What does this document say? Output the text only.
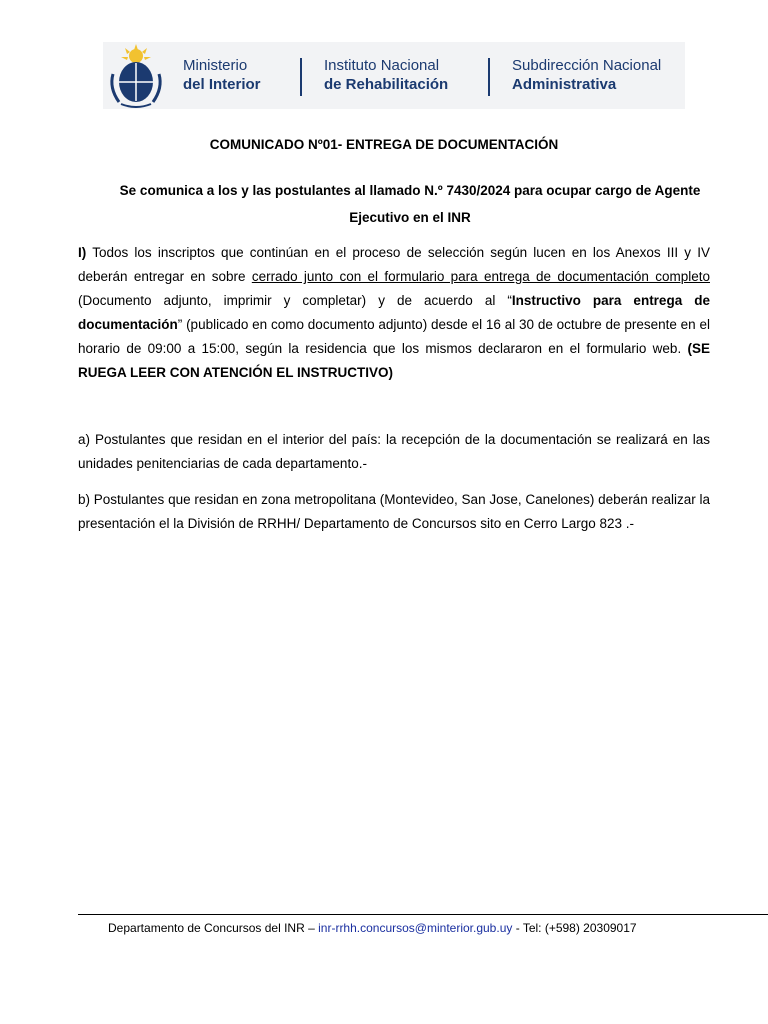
Ministerio
del Interior
Instituto Nacional
de Rehabilitación
Subdirección Nacional
Administrativa
COMUNICADO Nº01- ENTREGA DE DOCUMENTACIÓN
Se comunica a los y las postulantes al llamado N.º 7430/2024 para ocupar cargo de Agente Ejecutivo en el INR
I) Todos los inscriptos que continúan en el proceso de selección según lucen en los Anexos III y IV deberán entregar en sobre cerrado junto con el formulario para entrega de documentación completo (Documento adjunto, imprimir y completar) y de acuerdo al “Instructivo para entrega de documentación” (publicado en como documento adjunto) desde el 16 al 30 de octubre de presente en el horario de 09:00 a 15:00, según la residencia que los mismos declararon en el formulario web. (SE RUEGA LEER CON ATENCIÓN EL INSTRUCTIVO)
a) Postulantes que residan en el interior del país: la recepción de la documentación se realizará en las unidades penitenciarias de cada departamento.-
b) Postulantes que residan en zona metropolitana (Montevideo, San Jose, Canelones) deberán realizar la presentación el la División de RRHH/ Departamento de Concursos sito en Cerro Largo 823 .-
Departamento de Concursos del INR – inr-rrhh.concursos@minterior.gub.uy - Tel: (+598) 20309017
